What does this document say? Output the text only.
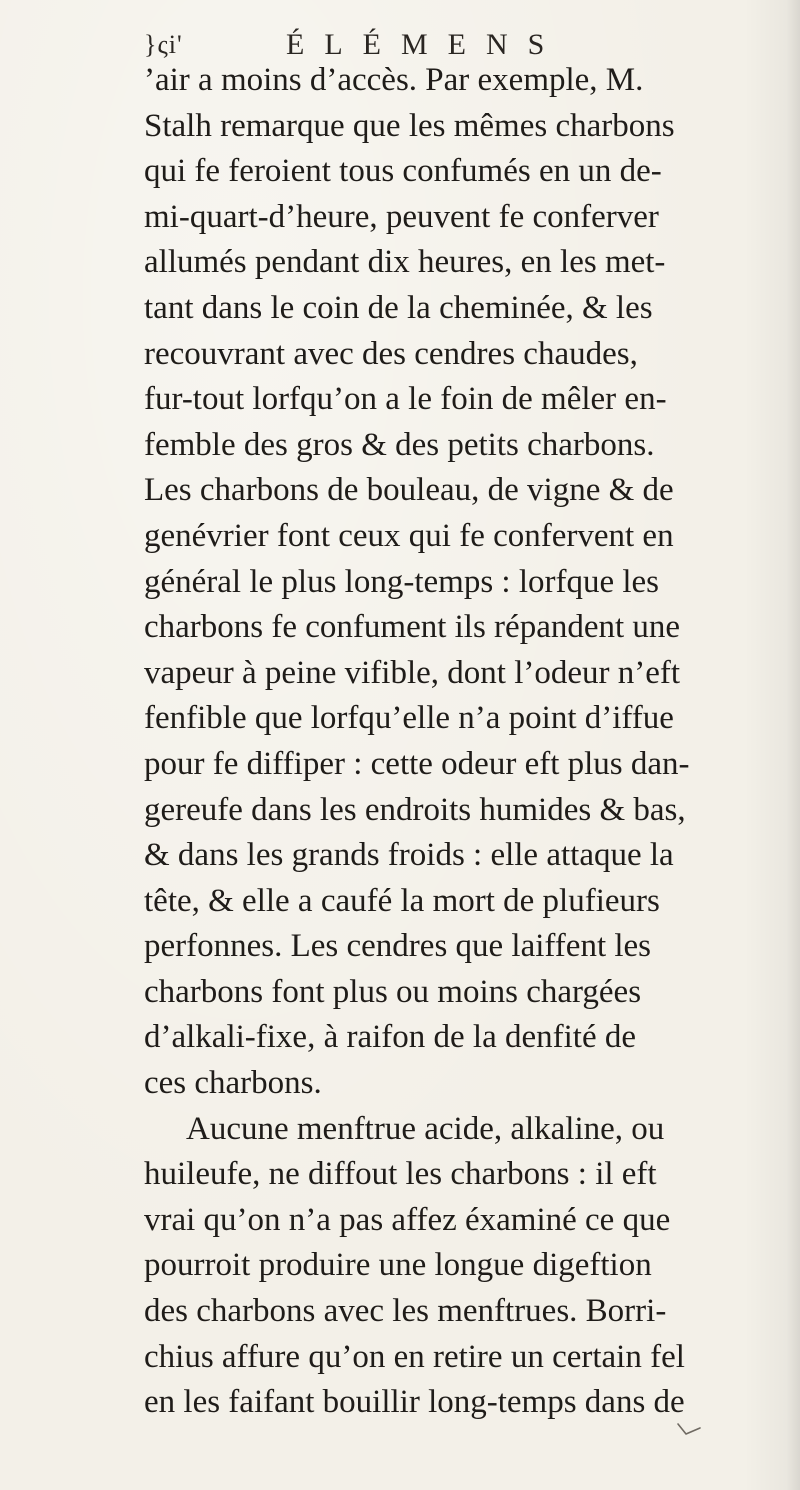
}ςi'	ÉLÉMENS
’air a moins d’accès. Par exemple, M.
Stalh remarque que les mêmes charbons
qui fe feroient tous confumés en un de-
mi-quart-d’heure, peuvent fe conferver
allumés pendant dix heures, en les met-
tant dans le coin de la cheminée, & les
recouvrant avec des cendres chaudes,
fur-tout lorfqu’on a le foin de mêler en-
femble des gros & des petits charbons.
Les charbons de bouleau, de vigne & de
genévrier font ceux qui fe confervent en
général le plus long-temps : lorfque les
charbons fe confument ils répandent une
vapeur à peine vifible, dont l’odeur n’eft
fenfible que lorfqu’elle n’a point d’iffue
pour fe diffiper : cette odeur eft plus dan-
gereufe dans les endroits humides & bas,
& dans les grands froids : elle attaque la
tête, & elle a caufé la mort de plufieurs
perfonnes. Les cendres que laiffent les
charbons font plus ou moins chargées
d’alkali-fixe, à raifon de la denfité de
ces charbons.
Aucune menftrue acide, alkaline, ou
huileufe, ne diffout les charbons : il eft
vrai qu’on n’a pas affez éxaminé ce que
pourroit produire une longue digeftion
des charbons avec les menftrues. Borri-
chius affure qu’on en retire un certain fel
en les faifant bouillir long-temps dans de
